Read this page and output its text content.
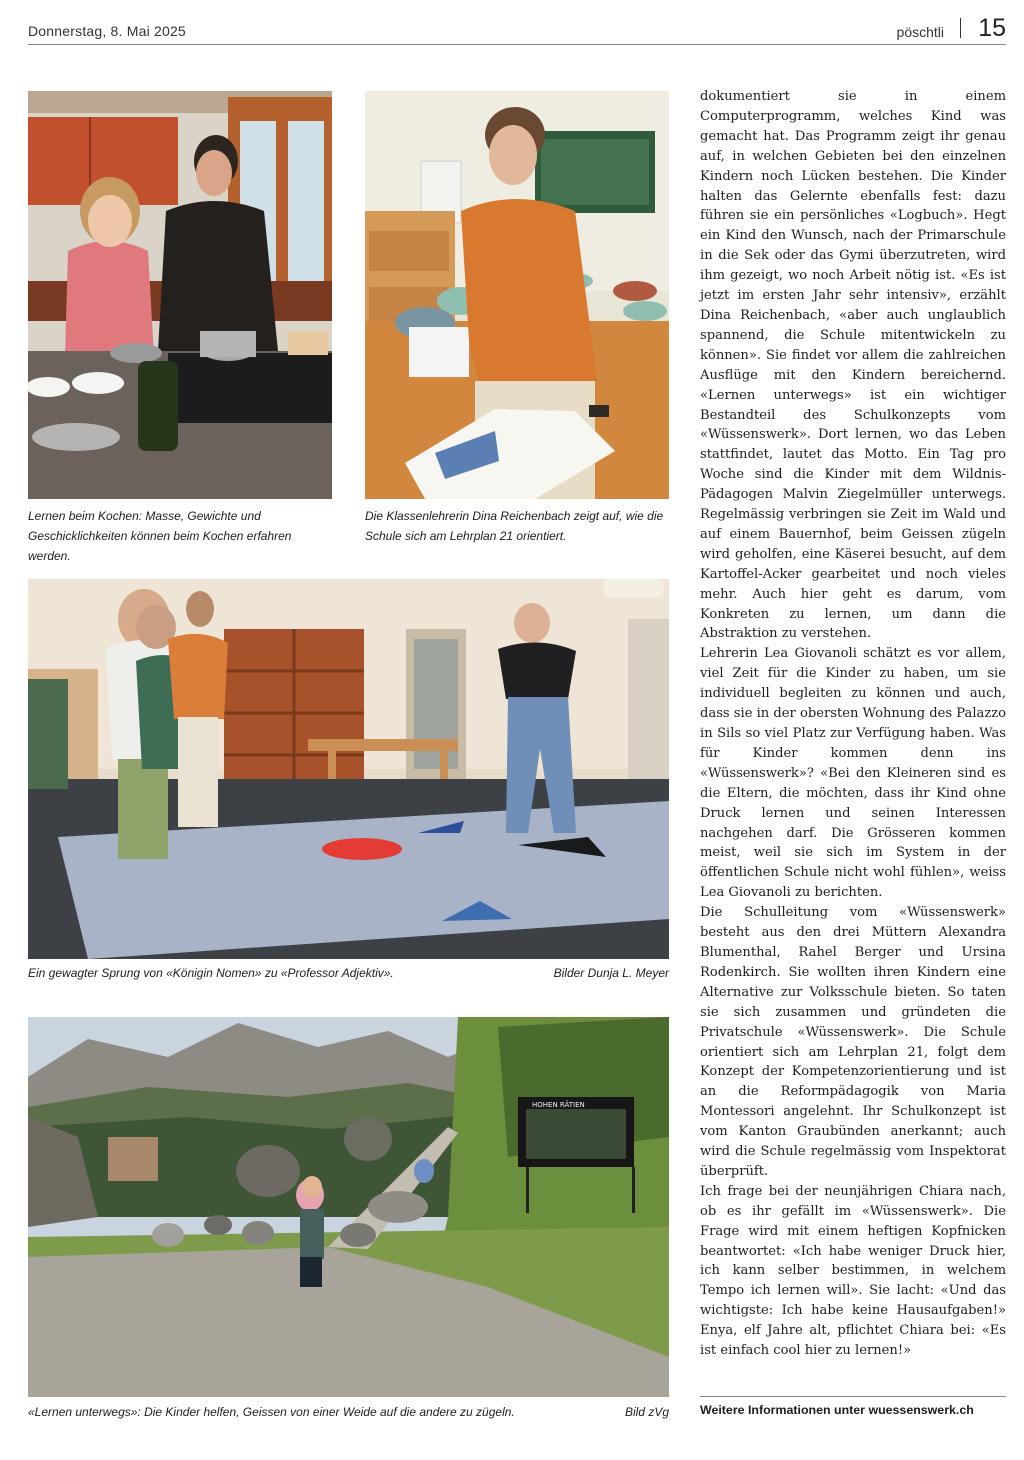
Donnerstag, 8. Mai 2025	pöschtli 15
Lernen beim Kochen: Masse, Gewichte und Geschicklichkeiten können beim Kochen erfahren werden.
Die Klassenlehrerin Dina Reichenbach zeigt auf, wie die Schule sich am Lehrplan 21 orientiert.
Ein gewagter Sprung von «Königin Nomen» zu «Professor Adjektiv».	Bilder Dunja L. Meyer
HOHEN RÄTIEN
«Lernen unterwegs»: Die Kinder helfen, Geissen von einer Weide auf die andere zu zügeln.	Bild zVg

dokumentiert sie in einem Computerprogramm, welches Kind was gemacht hat. Das Programm zeigt ihr genau auf, in welchen Gebieten bei den einzelnen Kindern noch Lücken bestehen. Die Kinder halten das Gelernte ebenfalls fest: dazu führen sie ein persönliches «Logbuch». Hegt ein Kind den Wunsch, nach der Primarschule in die Sek oder das Gymi überzutreten, wird ihm gezeigt, wo noch Arbeit nötig ist. «Es ist jetzt im ersten Jahr sehr intensiv», erzählt Dina Reichenbach, «aber auch unglaublich spannend, die Schule mitentwickeln zu können». Sie findet vor allem die zahlreichen Ausflüge mit den Kindern bereichernd. «Lernen unterwegs» ist ein wichtiger Bestandteil des Schulkonzepts vom «Wüssenswerk». Dort lernen, wo das Leben stattfindet, lautet das Motto. Ein Tag pro Woche sind die Kinder mit dem Wildnis-Pädagogen Malvin Ziegelmüller unterwegs. Regelmässig verbringen sie Zeit im Wald und auf einem Bauernhof, beim Geissen zügeln wird geholfen, eine Käserei besucht, auf dem Kartoffel-Acker gearbeitet und noch vieles mehr. Auch hier geht es darum, vom Konkreten zu lernen, um dann die Abstraktion zu verstehen.

Lehrerin Lea Giovanoli schätzt es vor allem, viel Zeit für die Kinder zu haben, um sie individuell begleiten zu können und auch, dass sie in der obersten Wohnung des Palazzo in Sils so viel Platz zur Verfügung haben. Was für Kinder kommen denn ins «Wüssenswerk»? «Bei den Kleineren sind es die Eltern, die möchten, dass ihr Kind ohne Druck lernen und seinen Interessen nachgehen darf. Die Grösseren kommen meist, weil sie sich im System in der öffentlichen Schule nicht wohl fühlen», weiss Lea Giovanoli zu berichten.

Die Schulleitung vom «Wüssenswerk» besteht aus den drei Müttern Alexandra Blumenthal, Rahel Berger und Ursina Rodenkirch. Sie wollten ihren Kindern eine Alternative zur Volksschule bieten. So taten sie sich zusammen und gründeten die Privatschule «Wüssenswerk». Die Schule orientiert sich am Lehrplan 21, folgt dem Konzept der Kompetenzorientierung und ist an die Reformpädagogik von Maria Montessori angelehnt. Ihr Schulkonzept ist vom Kanton Graubünden anerkannt; auch wird die Schule regelmässig vom Inspektorat überprüft.

Ich frage bei der neunjährigen Chiara nach, ob es ihr gefällt im «Wüssenswerk». Die Frage wird mit einem heftigen Kopfnicken beantwortet: «Ich habe weniger Druck hier, ich kann selber bestimmen, in welchem Tempo ich lernen will». Sie lacht: «Und das wichtigste: Ich habe keine Hausaufgaben!» Enya, elf Jahre alt, pflichtet Chiara bei: «Es ist einfach cool hier zu lernen!»

Weitere Informationen unter wuessenswerk.ch
